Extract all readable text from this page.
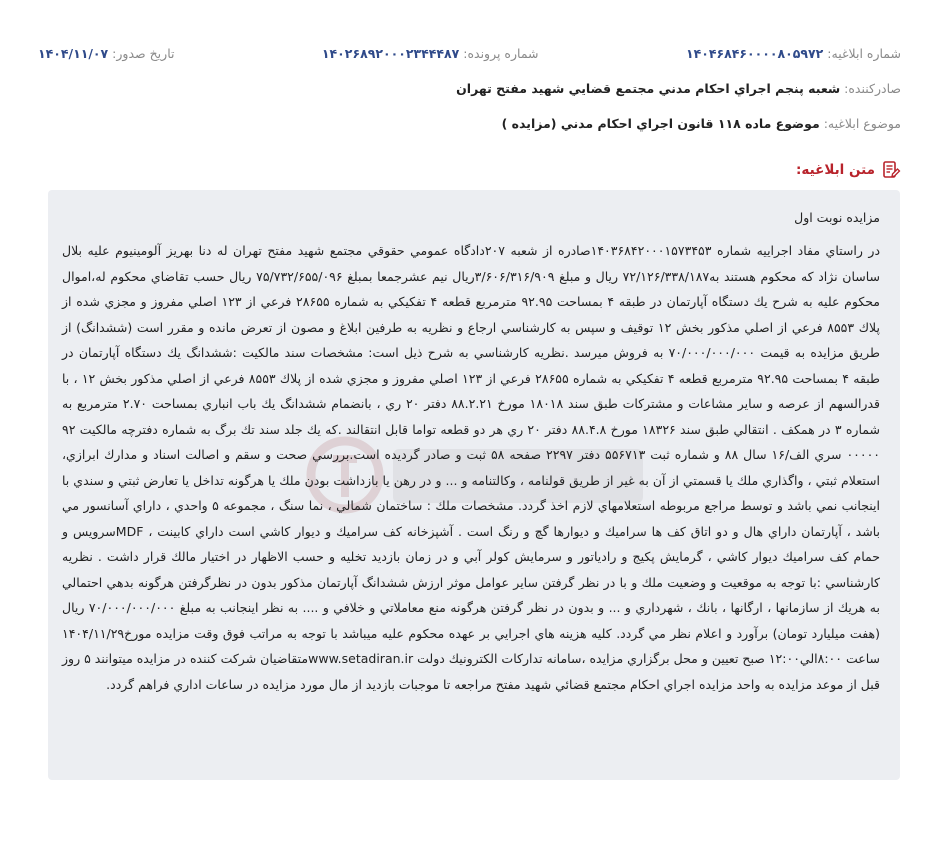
شماره ابلاغیه: ۱۴۰۴۶۸۴۶۰۰۰۰۸۰۵۹۷۲
شماره پرونده: ۱۴۰۲۶۸۹۲۰۰۰۲۳۴۴۴۸۷
تاریخ صدور: ۱۴۰۴/۱۱/۰۷
صادرکننده: شعبه پنجم اجراي احكام مدني مجتمع قضايي شهيد مفتح تهران
موضوع ابلاغیه: موضوع ماده ۱۱۸ قانون اجراي احكام مدني (مزايده )
متن ابلاغیه:

مزايده نوبت اول

در راستاي مفاد اجراييه شماره ۱۴۰۳۶۸۴۲۰۰۰۱۵۷۳۴۵۳صادره از شعبه ۲۰۷دادگاه عمومي حقوقي مجتمع شهيد مفتح تهران له دنا بهريز آلومينيوم عليه بلال ساسان نژاد كه محكوم هستند به۷۲/۱۲۶/۳۳۸/۱۸۷ ريال و مبلغ ۳/۶۰۶/۳۱۶/۹۰۹ريال نيم عشرجمعا بمبلغ ۷۵/۷۳۲/۶۵۵/۰۹۶ ريال حسب تقاضاي محكوم له،اموال محكوم عليه به شرح يك دستگاه آپارتمان در طبقه ۴ بمساحت ۹۲.۹۵ مترمربع قطعه ۴ تفكيكي به شماره ۲۸۶۵۵ فرعي از ۱۲۳ اصلي مفروز و مجزي شده از پلاك ۸۵۵۳ فرعي از اصلي مذكور بخش ۱۲ توقيف و سپس به كارشناسي ارجاع و نظريه به طرفين ابلاغ و مصون از تعرض مانده و مقرر است (ششدانگ) از طريق مزايده به قيمت ۷۰/۰۰۰/۰۰۰/۰۰۰ به فروش ميرسد .نظريه كارشناسي به شرح ذيل است: مشخصات سند مالكيت :ششدانگ يك دستگاه آپارتمان در طبقه ۴ بمساحت ۹۲.۹۵ مترمربع قطعه ۴ تفكيكي به شماره ۲۸۶۵۵ فرعي از ۱۲۳ اصلي مفروز و مجزي شده از پلاك ۸۵۵۳ فرعي از اصلي مذكور بخش ۱۲ ، با قدرالسهم از عرصه و ساير مشاعات و مشتركات طبق سند ۱۸۰۱۸ مورخ ۸۸.۲.۲۱ دفتر ۲۰ ري ، بانضمام ششدانگ يك باب انباري بمساحت ۲.۷۰ مترمربع به شماره ۳ در همكف . انتقالي طبق سند ۱۸۳۲۶ مورخ ۸۸.۴.۸ دفتر ۲۰ ري هر دو قطعه تواما قابل انتقالند .كه يك جلد سند تك برگ به شماره دفترچه مالكيت ۹۲ ۰۰۰۰۰ سري الف/۱۶ سال ۸۸ و شماره ثبت ۵۵۶۷۱۳ دفتر ۲۲۹۷ صفحه ۵۸ ثبت و صادر گرديده است.بررسي صحت و سقم و اصالت اسناد و مدارك ابرازي، استعلام ثبتي ، واگذاري ملك يا قسمتي از آن به غير از طريق قولنامه ، وكالتنامه و ... و در رهن يا بازداشت بودن ملك يا هرگونه تداخل يا تعارض ثبتي و سندي با اينجانب نمي باشد و توسط مراجع مربوطه استعلامهاي لازم اخذ گردد. مشخصات ملك : ساختمان شمالي ، نما سنگ ، مجموعه ۵ واحدي ، داراي آسانسور مي باشد ، آپارتمان داراي هال و دو اتاق كف ها سراميك و ديوارها گچ و رنگ است . آشپزخانه كف سراميك و ديوار كاشي است داراي كابينت ، MDFسرويس و حمام كف سراميك ديوار كاشي ، گرمايش پكيج و رادياتور و سرمايش كولر آبي و در زمان بازديد تخليه و حسب الاظهار در اختيار مالك قرار داشت . نظريه كارشناسي :با توجه به موقعيت و وضعيت ملك و با در نظر گرفتن ساير عوامل موثر ارزش ششدانگ آپارتمان مذكور بدون در نظرگرفتن هرگونه بدهي احتمالي به هريك از سازمانها ، ارگانها ، بانك ، شهرداري و ... و بدون در نظر گرفتن هرگونه منع معاملاتي و خلافي و .... به نظر اينجانب به مبلغ ۷۰/۰۰۰/۰۰۰/۰۰۰ ريال (هفت ميليارد تومان) برآورد و اعلام نظر مي گردد. كليه هزينه هاي اجرايي بر عهده محكوم عليه ميباشد با توجه به مراتب فوق وقت مزايده مورخ۱۴۰۴/۱۱/۲۹ ساعت ۸:۰۰الي۱۲:۰۰ صبح تعيين و محل برگزاري مزايده ،سامانه تداركات الكترونيك دولت www.setadiran.irمتقاضيان شركت كننده در مزايده ميتوانند ۵ روز قبل از موعد مزايده به واحد مزايده اجراي احكام مجتمع قضائي شهيد مفتح مراجعه تا موجبات بازديد از مال مورد مزايده در ساعات اداري فراهم گردد.
